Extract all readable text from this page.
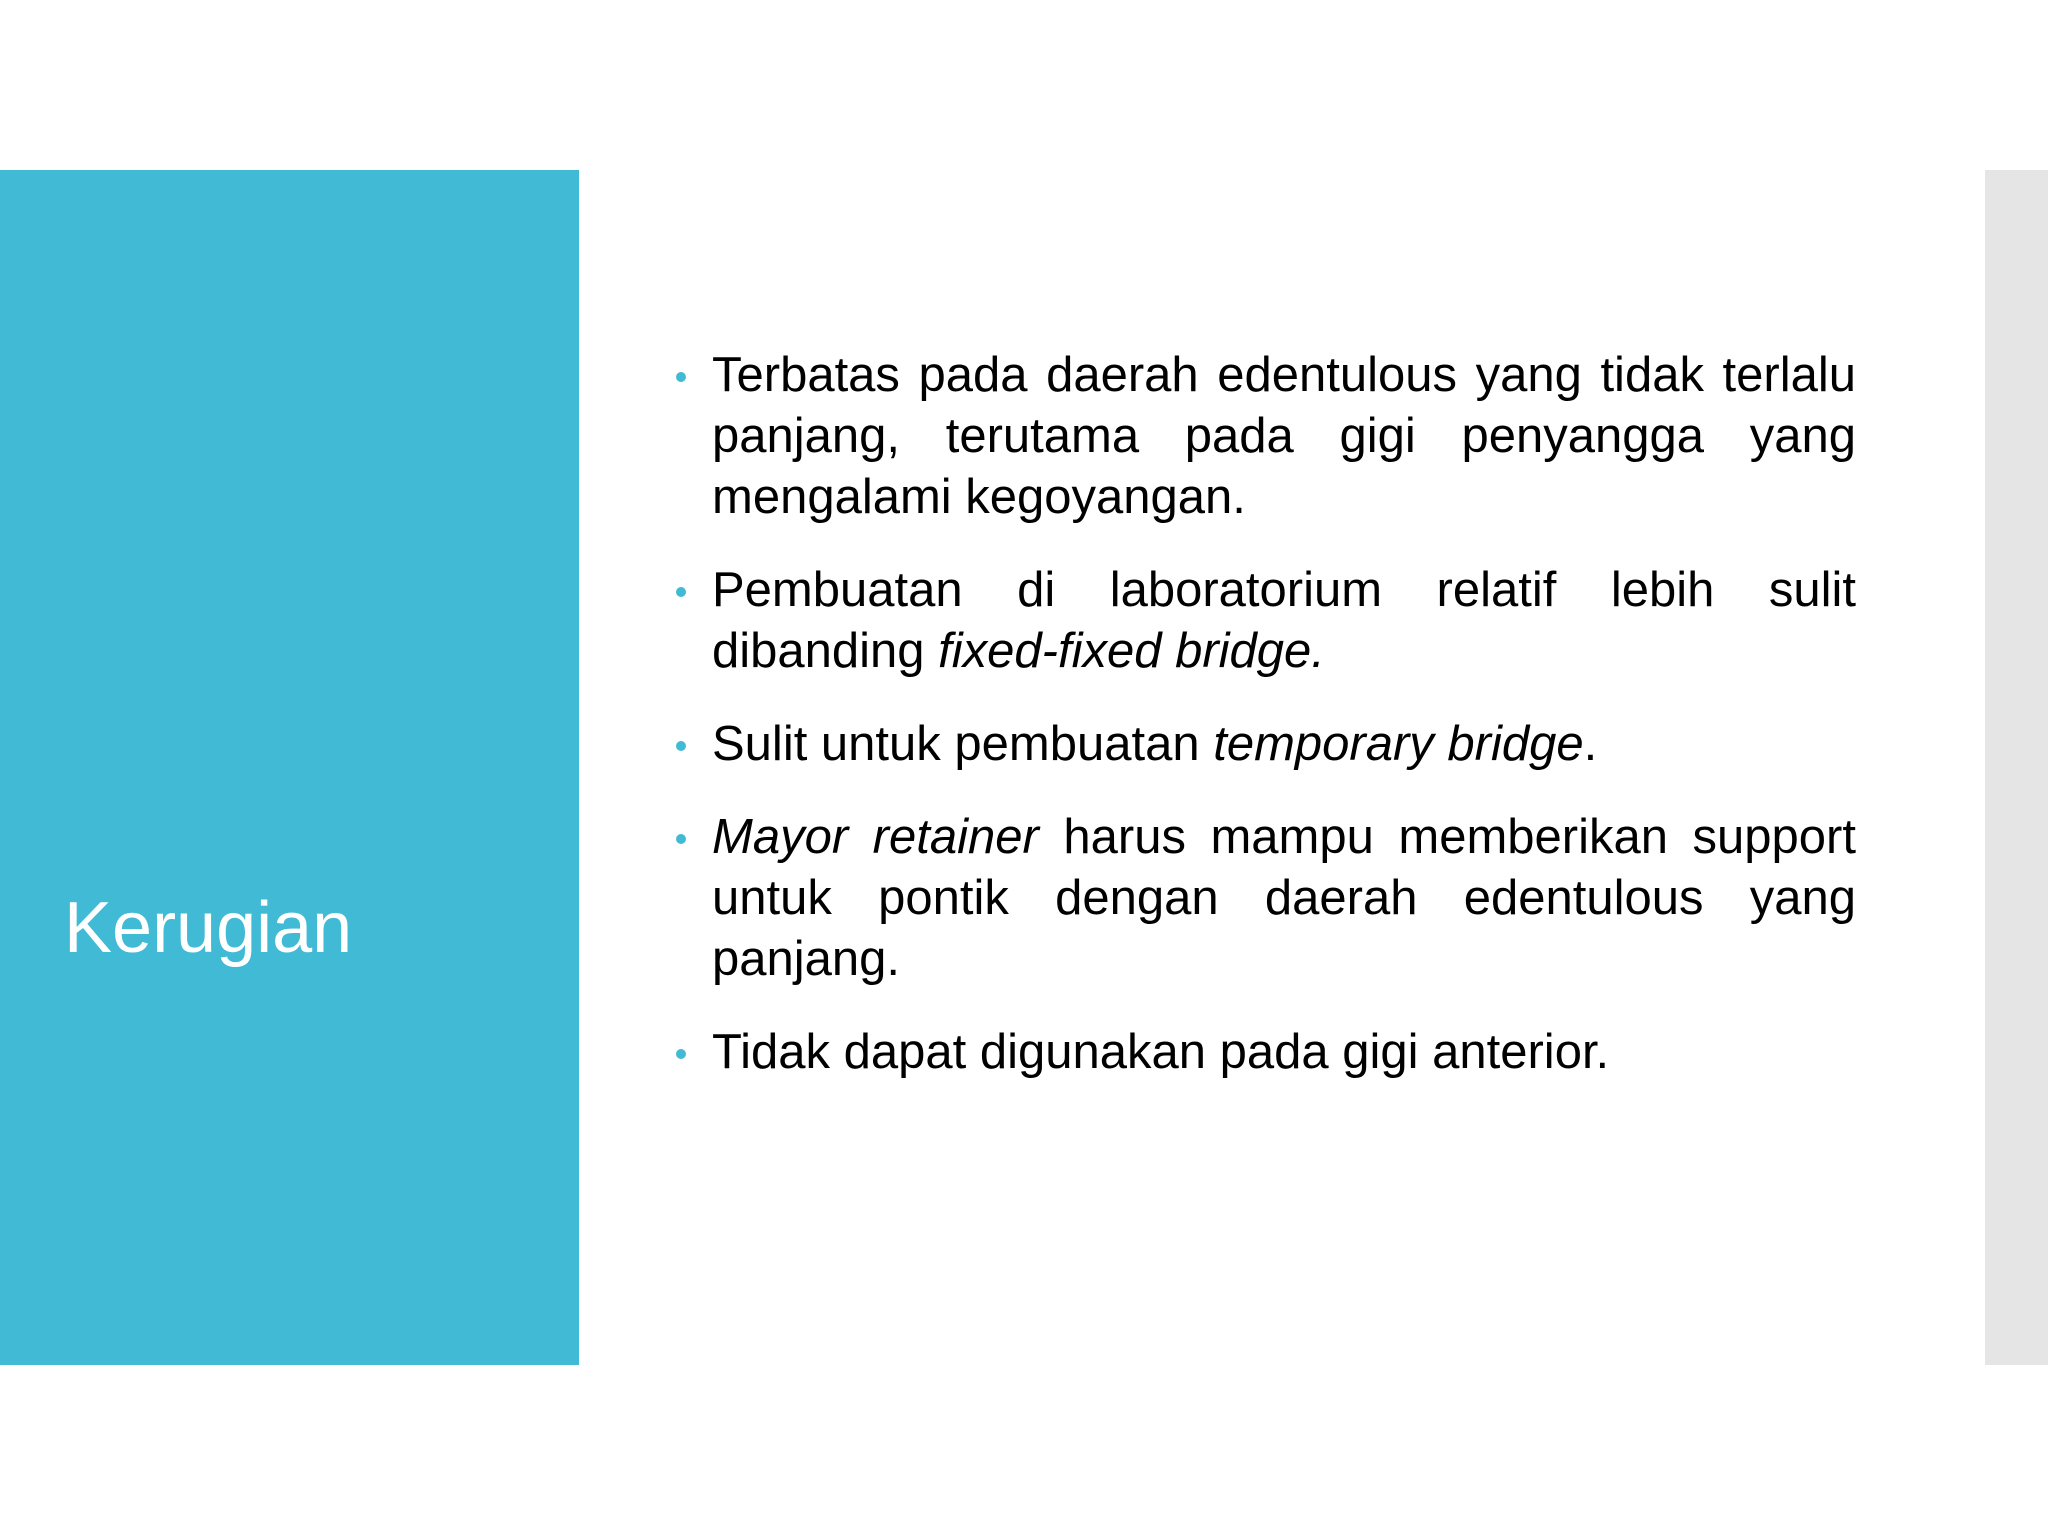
Kerugian
Terbatas pada daerah edentulous yang tidak terlalu panjang, terutama pada gigi penyangga yang mengalami kegoyangan.
Pembuatan di laboratorium relatif lebih sulit dibanding fixed-fixed bridge.
Sulit untuk pembuatan temporary bridge.
Mayor retainer harus mampu memberikan support untuk pontik dengan daerah edentulous yang panjang.
Tidak dapat digunakan pada gigi anterior.
